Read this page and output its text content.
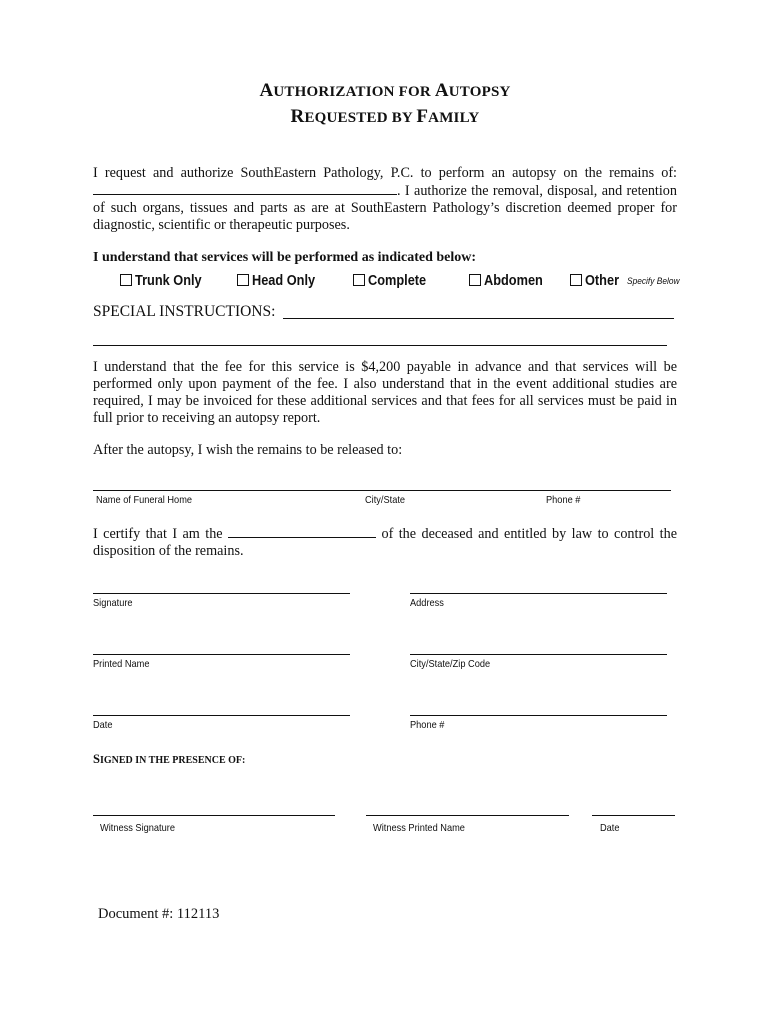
AUTHORIZATION FOR AUTOPSY
REQUESTED BY FAMILY
I request and authorize SouthEastern Pathology, P.C. to perform an autopsy on the remains of: . I authorize the removal, disposal, and retention of such organs, tissues and parts as are at SouthEastern Pathology’s discretion deemed proper for diagnostic, scientific or therapeutic purposes.
I understand that services will be performed as indicated below:
Trunk Only	Head Only	Complete	Abdomen	Other Specify Below
SPECIAL INSTRUCTIONS:
I understand that the fee for this service is $4,200 payable in advance and that services will be performed only upon payment of the fee. I also understand that in the event additional studies are required, I may be invoiced for these additional services and that fees for all services must be paid in full prior to receiving an autopsy report.
After the autopsy, I wish the remains to be released to:
Name of Funeral Home	City/State	Phone #
I certify that I am the	of the deceased and entitled by law to control the disposition of the remains.
Signature	Address
Printed Name	City/State/Zip Code
Date	Phone #
SIGNED IN THE PRESENCE OF:
Witness Signature	Witness Printed Name	Date
Document #: 112113
